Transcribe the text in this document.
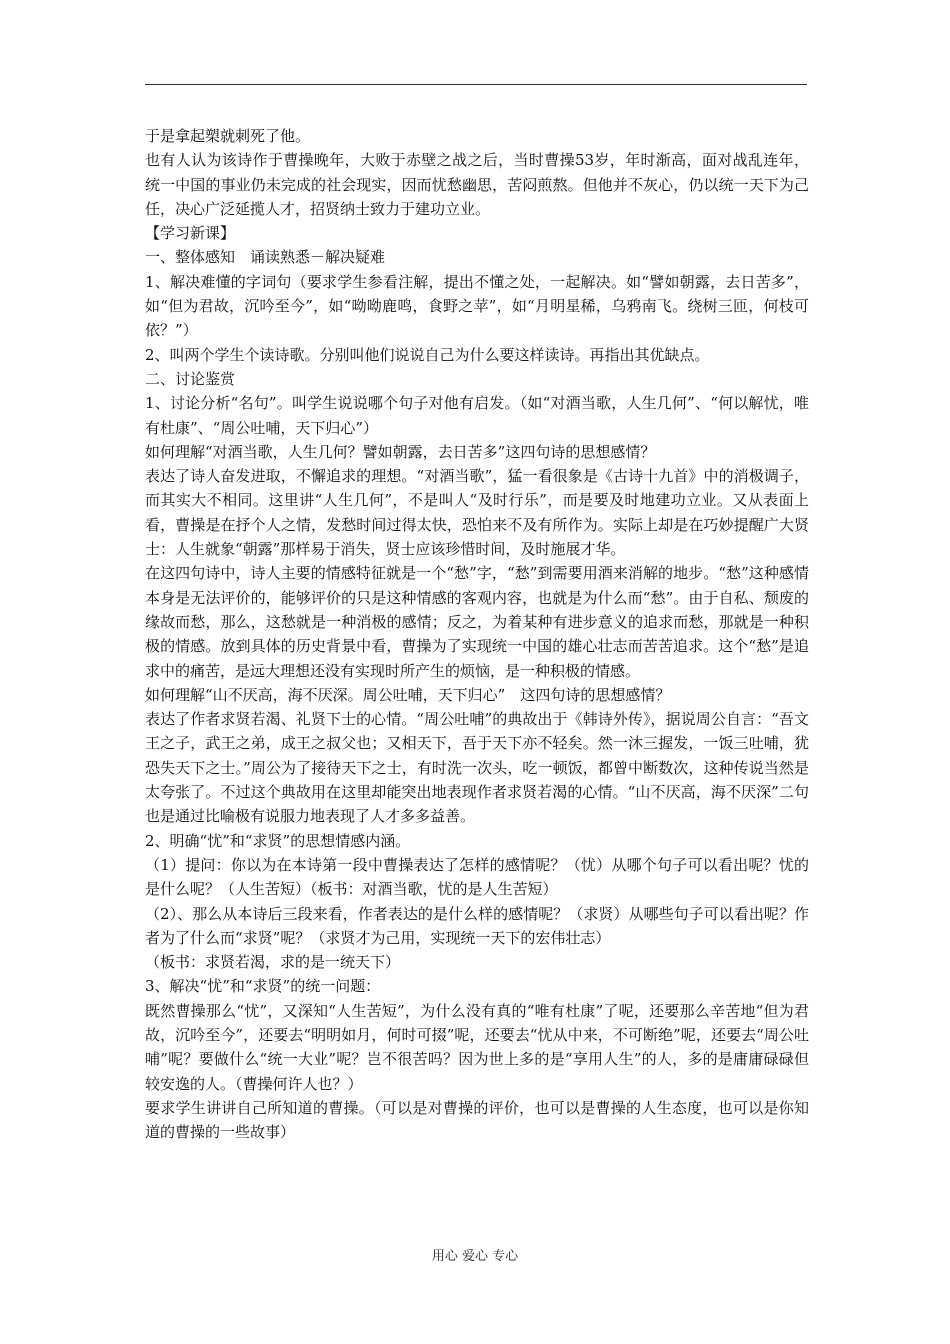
于是拿起槊就刺死了他。

也有人认为该诗作于曹操晚年，大败于赤壁之战之后，当时曹操53岁，年时渐高，面对战乱连年，统一中国的事业仍未完成的社会现实，因而忧愁幽思，苦闷煎熬。但他并不灰心，仍以统一天下为己任，决心广泛延揽人才，招贤纳士致力于建功立业。

【学习新课】

一、整体感知　诵读熟悉－解决疑难

1、解决难懂的字词句（要求学生参看注解，提出不懂之处，一起解决。如“譬如朝露，去日苦多”，如“但为君故，沉吟至今”，如“呦呦鹿鸣，食野之苹”，如“月明星稀，乌鸦南飞。绕树三匝，何枝可依？”）

2、叫两个学生个读诗歌。分别叫他们说说自己为什么要这样读诗。再指出其优缺点。

二、讨论鉴赏

1、讨论分析“名句”。叫学生说说哪个句子对他有启发。（如“对酒当歌，人生几何”、“何以解忧，唯有杜康”、“周公吐哺，天下归心”）

如何理解“对酒当歌，人生几何？譬如朝露，去日苦多”这四句诗的思想感情？

表达了诗人奋发进取，不懈追求的理想。“对酒当歌”，猛一看很象是《古诗十九首》中的消极调子，而其实大不相同。这里讲“人生几何”，不是叫人“及时行乐”，而是要及时地建功立业。又从表面上看，曹操是在抒个人之情，发愁时间过得太快，恐怕来不及有所作为。实际上却是在巧妙提醒广大贤士：人生就象“朝露”那样易于消失，贤士应该珍惜时间，及时施展才华。

在这四句诗中，诗人主要的情感特征就是一个“愁”字，“愁”到需要用酒来消解的地步。“愁”这种感情本身是无法评价的，能够评价的只是这种情感的客观内容，也就是为什么而“愁”。由于自私、颓废的缘故而愁，那么，这愁就是一种消极的感情；反之，为着某种有进步意义的追求而愁，那就是一种积极的情感。放到具体的历史背景中看，曹操为了实现统一中国的雄心壮志而苦苦追求。这个“愁”是追求中的痛苦，是远大理想还没有实现时所产生的烦恼，是一种积极的情感。

如何理解“山不厌高，海不厌深。周公吐哺，天下归心”　这四句诗的思想感情？

表达了作者求贤若渴、礼贤下士的心情。“周公吐哺”的典故出于《韩诗外传》，据说周公自言：“吾文王之子，武王之弟，成王之叔父也；又相天下，吾于天下亦不轻矣。然一沐三握发，一饭三吐哺，犹恐失天下之士。”周公为了接待天下之士，有时洗一次头，吃一顿饭，都曾中断数次，这种传说当然是太夸张了。不过这个典故用在这里却能突出地表现作者求贤若渴的心情。“山不厌高，海不厌深”二句也是通过比喻极有说服力地表现了人才多多益善。

2、明确“忧”和“求贤”的思想情感内涵。

（1）提问：你以为在本诗第一段中曹操表达了怎样的感情呢？（忧）从哪个句子可以看出呢？忧的是什么呢？（人生苦短）（板书：对酒当歌，忧的是人生苦短）

（2）、那么从本诗后三段来看，作者表达的是什么样的感情呢？（求贤）从哪些句子可以看出呢？作者为了什么而“求贤”呢？（求贤才为己用，实现统一天下的宏伟壮志）

（板书：求贤若渴，求的是一统天下）

3、解决“忧”和“求贤”的统一问题：

既然曹操那么“忧”，又深知“人生苦短”，为什么没有真的“唯有杜康”了呢，还要那么辛苦地“但为君故，沉吟至今”，还要去“明明如月，何时可掇”呢，还要去“忧从中来，不可断绝”呢，还要去“周公吐哺”呢？要做什么“统一大业”呢？岂不很苦吗？因为世上多的是“享用人生”的人，多的是庸庸碌碌但较安逸的人。（曹操何许人也？）

要求学生讲讲自己所知道的曹操。（可以是对曹操的评价，也可以是曹操的人生态度，也可以是你知道的曹操的一些故事）

用心 爱心 专心
